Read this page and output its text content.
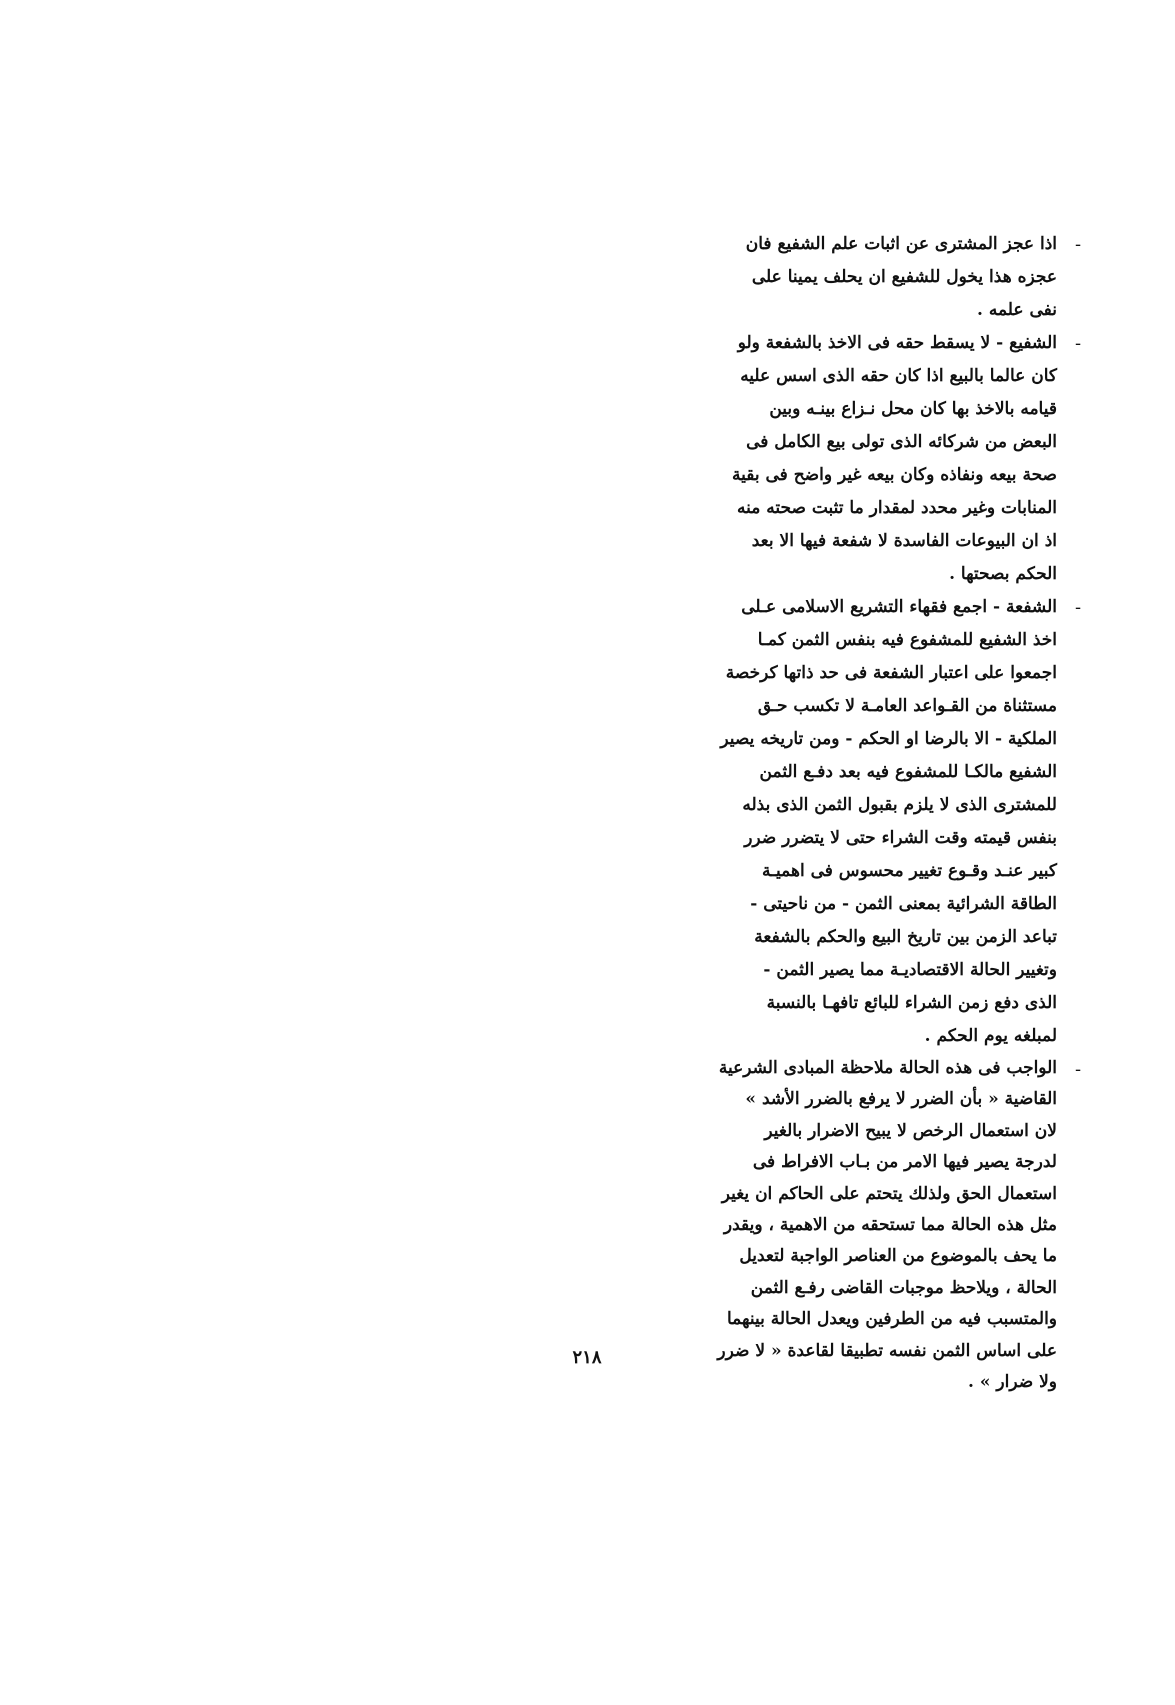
-
اذا عجز المشترى عن اثبات علم الشفيع فان
عجزه هذا يخول للشفيع ان يحلف يمينا على
نفى علمه .
-
الشفيع - لا يسقط حقه فى الاخذ بالشفعة ولو
كان عالما بالبيع اذا كان حقه الذى اسس عليه
قيامه بالاخذ بها كان محل نـزاع بينـه وبين
البعض من شركائه الذى تولى بيع الكامل فى
صحة بيعه ونفاذه وكان بيعه غير واضح فى بقية
المنابات وغير محدد لمقدار ما تثبت صحته منه
اذ ان البيوعات الفاسدة لا شفعة فيها الا بعد
الحكم بصحتها .
-
الشفعة - اجمع فقهاء التشريع الاسلامى عـلى
اخذ الشفيع للمشفوع فيه بنفس الثمن كمـا
اجمعوا على اعتبار الشفعة فى حد ذاتها كرخصة
مستثناة من القـواعد العامـة لا تكسب حـق
الملكية - الا بالرضا او الحكم - ومن تاريخه يصير
الشفيع مالكـا للمشفوع فيه بعد دفـع الثمن
للمشترى الذى لا يلزم بقبول الثمن الذى بذله
بنفس قيمته وقت الشراء حتى لا يتضرر ضرر
كبير عنـد وقـوع تغيير محسوس فى اهميـة
الطاقة الشرائية بمعنى الثمن - من ناحيتى -
تباعد الزمن بين تاريخ البيع والحكم بالشفعة
وتغيير الحالة الاقتصاديـة مما يصير الثمن -
الذى دفع زمن الشراء للبائع تافهـا بالنسبة
لمبلغه يوم الحكم .
-
الواجب فى هذه الحالة ملاحظة المبادى الشرعية
القاضية « بأن الضرر لا يرفع بالضرر الأشد »
لان استعمال الرخص لا يبيح الاضرار بالغير
لدرجة يصير فيها الامر من بـاب الافراط فى
استعمال الحق ولذلك يتحتم على الحاكم ان يغير
مثل هذه الحالة مما تستحقه من الاهمية ، ويقدر
ما يحف بالموضوع من العناصر الواجبة لتعديل
الحالة ، ويلاحظ موجبات القاضى رفـع الثمن
والمتسبب فيه من الطرفين ويعدل الحالة بينهما
على اساس الثمن نفسه تطبيقا لقاعدة « لا ضرر
ولا ضرار » .
٢١٨
